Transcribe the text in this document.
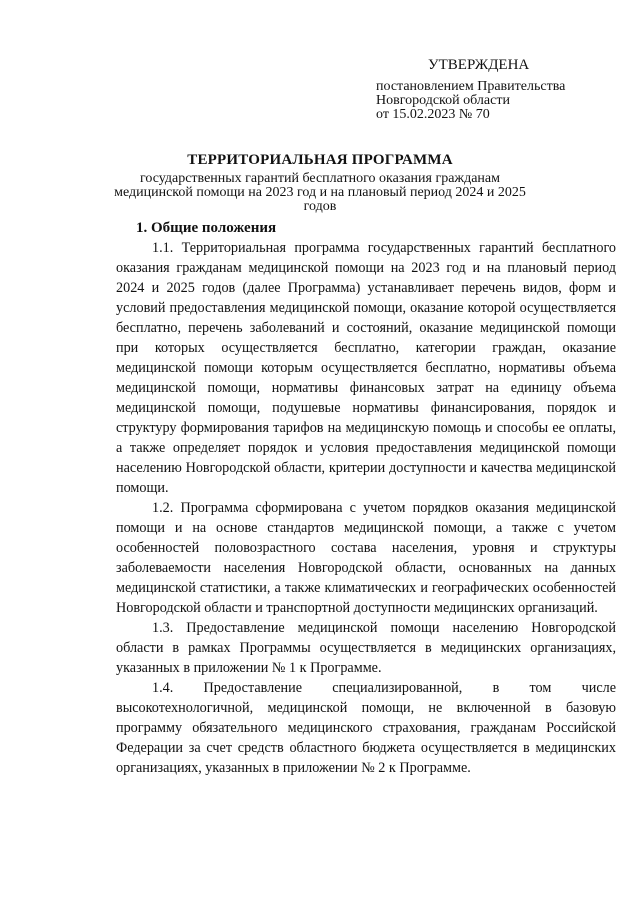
УТВЕРЖДЕНА
постановлением Правительства
Новгородской области
от 15.02.2023 № 70
ТЕРРИТОРИАЛЬНАЯ ПРОГРАММА
государственных гарантий бесплатного оказания гражданам медицинской помощи на 2023 год и на плановый период 2024 и 2025 годов
1. Общие положения

1.1. Территориальная программа государственных гарантий бесплатного оказания гражданам медицинской помощи на 2023 год и на плановый период 2024 и 2025 годов (далее Программа) устанавливает перечень видов, форм и условий предоставления медицинской помощи, оказание которой осуществляется бесплатно, перечень заболеваний и состояний, оказание медицинской помощи при которых осуществляется бесплатно, категории граждан, оказание медицинской помощи которым осуществляется бесплатно, нормативы объема медицинской помощи, нормативы финансовых затрат на единицу объема медицинской помощи, подушевые нормативы финансирования, порядок и структуру формирования тарифов на медицинскую помощь и способы ее оплаты, а также определяет порядок и условия предоставления медицинской помощи населению Новгородской области, критерии доступности и качества медицинской помощи.

1.2. Программа сформирована с учетом порядков оказания медицинской помощи и на основе стандартов медицинской помощи, а также с учетом особенностей половозрастного состава населения, уровня и структуры заболеваемости населения Новгородской области, основанных на данных медицинской статистики, а также климатических и географических особенностей Новгородской области и транспортной доступности медицинских организаций.

1.3. Предоставление медицинской помощи населению Новгородской области в рамках Программы осуществляется в медицинских организациях, указанных в приложении № 1 к Программе.

1.4. Предоставление специализированной, в том числе высокотехнологичной, медицинской помощи, не включенной в базовую программу обязательного медицинского страхования, гражданам Российской Федерации за счет средств областного бюджета осуществляется в медицинских организациях, указанных в приложении № 2 к Программе.
